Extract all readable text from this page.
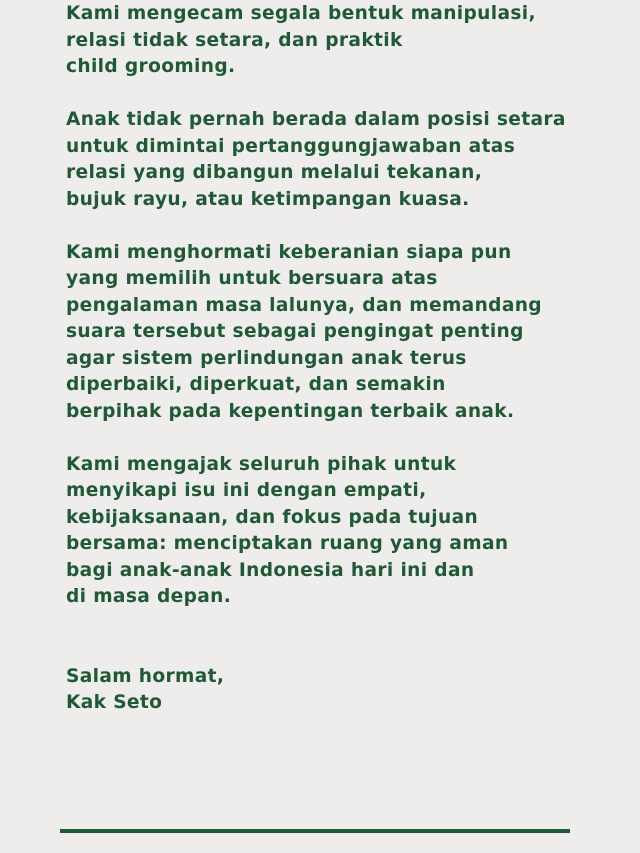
Kami mengecam segala bentuk manipulasi,
relasi tidak setara, dan praktik
child grooming.

Anak tidak pernah berada dalam posisi setara
untuk dimintai pertanggungjawaban atas
relasi yang dibangun melalui tekanan,
bujuk rayu, atau ketimpangan kuasa.

Kami menghormati keberanian siapa pun
yang memilih untuk bersuara atas
pengalaman masa lalunya, dan memandang
suara tersebut sebagai pengingat penting
agar sistem perlindungan anak terus
diperbaiki, diperkuat, dan semakin
berpihak pada kepentingan terbaik anak.

Kami mengajak seluruh pihak untuk
menyikapi isu ini dengan empati,
kebijaksanaan, dan fokus pada tujuan
bersama: menciptakan ruang yang aman
bagi anak-anak Indonesia hari ini dan
di masa depan.

Salam hormat,
Kak Seto
